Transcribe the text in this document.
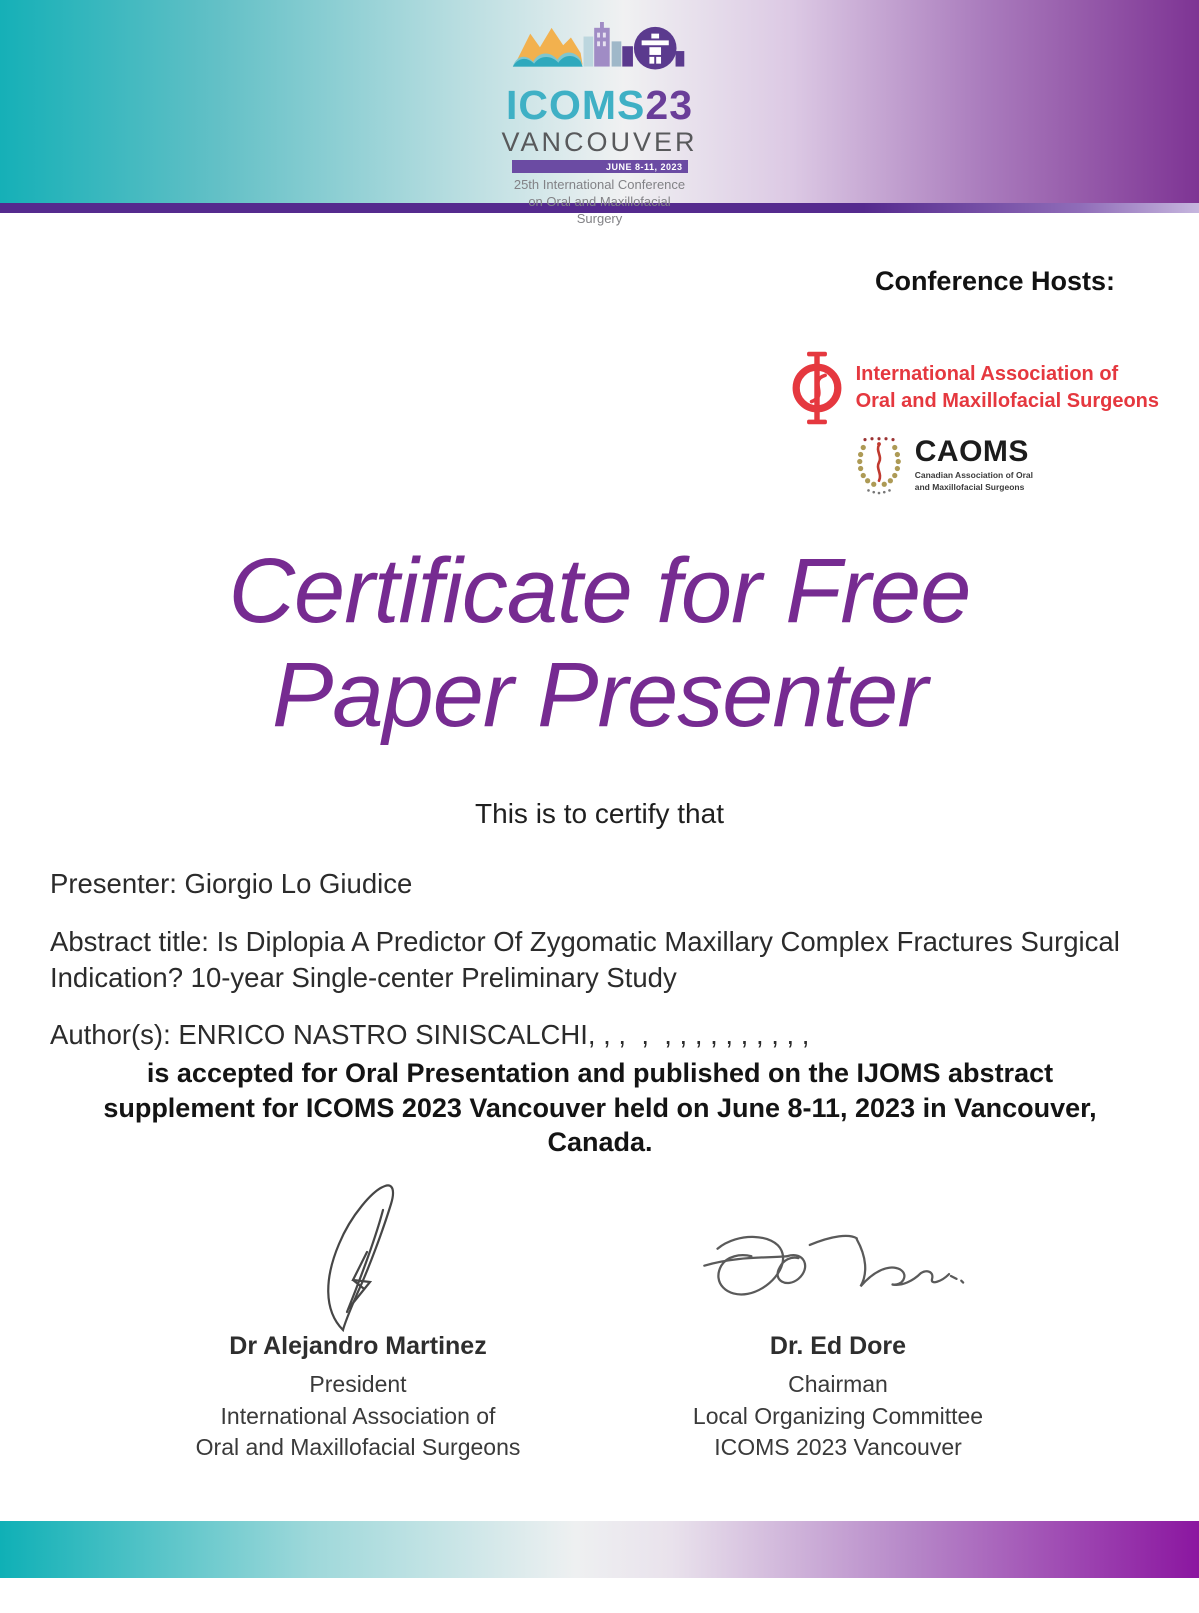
ICOMS23
VANCOUVER
JUNE 8-11, 2023
25th International Conference
on Oral and Maxillofacial Surgery
Conference Hosts:
International Association of
Oral and Maxillofacial Surgeons
CAOMS
Canadian Association of Oral
and Maxillofacial Surgeons
Certificate for Free
Paper Presenter
This is to certify that

Presenter: Giorgio Lo Giudice

Abstract title: Is Diplopia A Predictor Of Zygomatic Maxillary Complex Fractures Surgical Indication? 10-year Single-center Preliminary Study

Author(s): ENRICO NASTRO SINISCALCHI, , ,  ,  , , , , , , , , , ,

is accepted for Oral Presentation and published on the IJOMS abstract supplement for ICOMS 2023 Vancouver held on June 8-11, 2023 in Vancouver, Canada.
Dr Alejandro Martinez
President
International Association of
Oral and Maxillofacial Surgeons
Dr. Ed Dore
Chairman
Local Organizing Committee
ICOMS 2023 Vancouver
